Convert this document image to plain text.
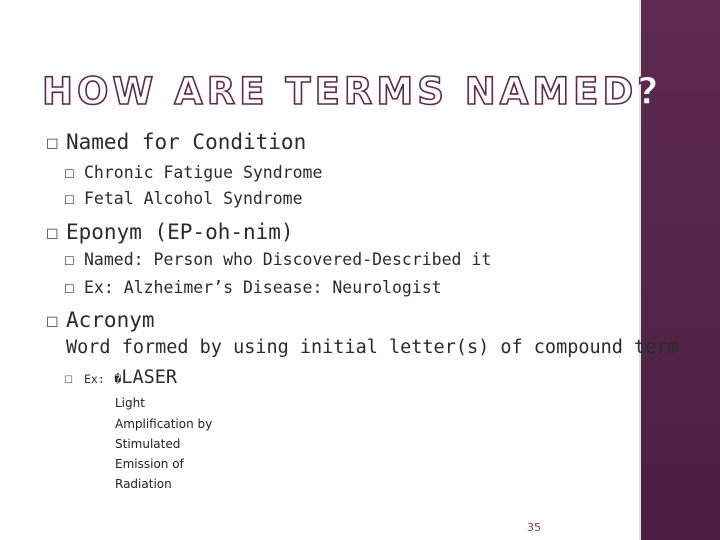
HOW ARE TERMS NAMED?
☐ Named for Condition
☐ Chronic Fatigue Syndrome
☐ Fetal Alcohol Syndrome
☐ Eponym (EP-oh-nim)
☐ Named: Person who Discovered-Described it
☐ Ex: Alzheimer’s Disease: Neurologist
☐ Acronym
Word formed by using initial letter(s) of compound term
☐ Ex: �LASER
Light
Amplification by
Stimulated
Emission of
Radiation
35
